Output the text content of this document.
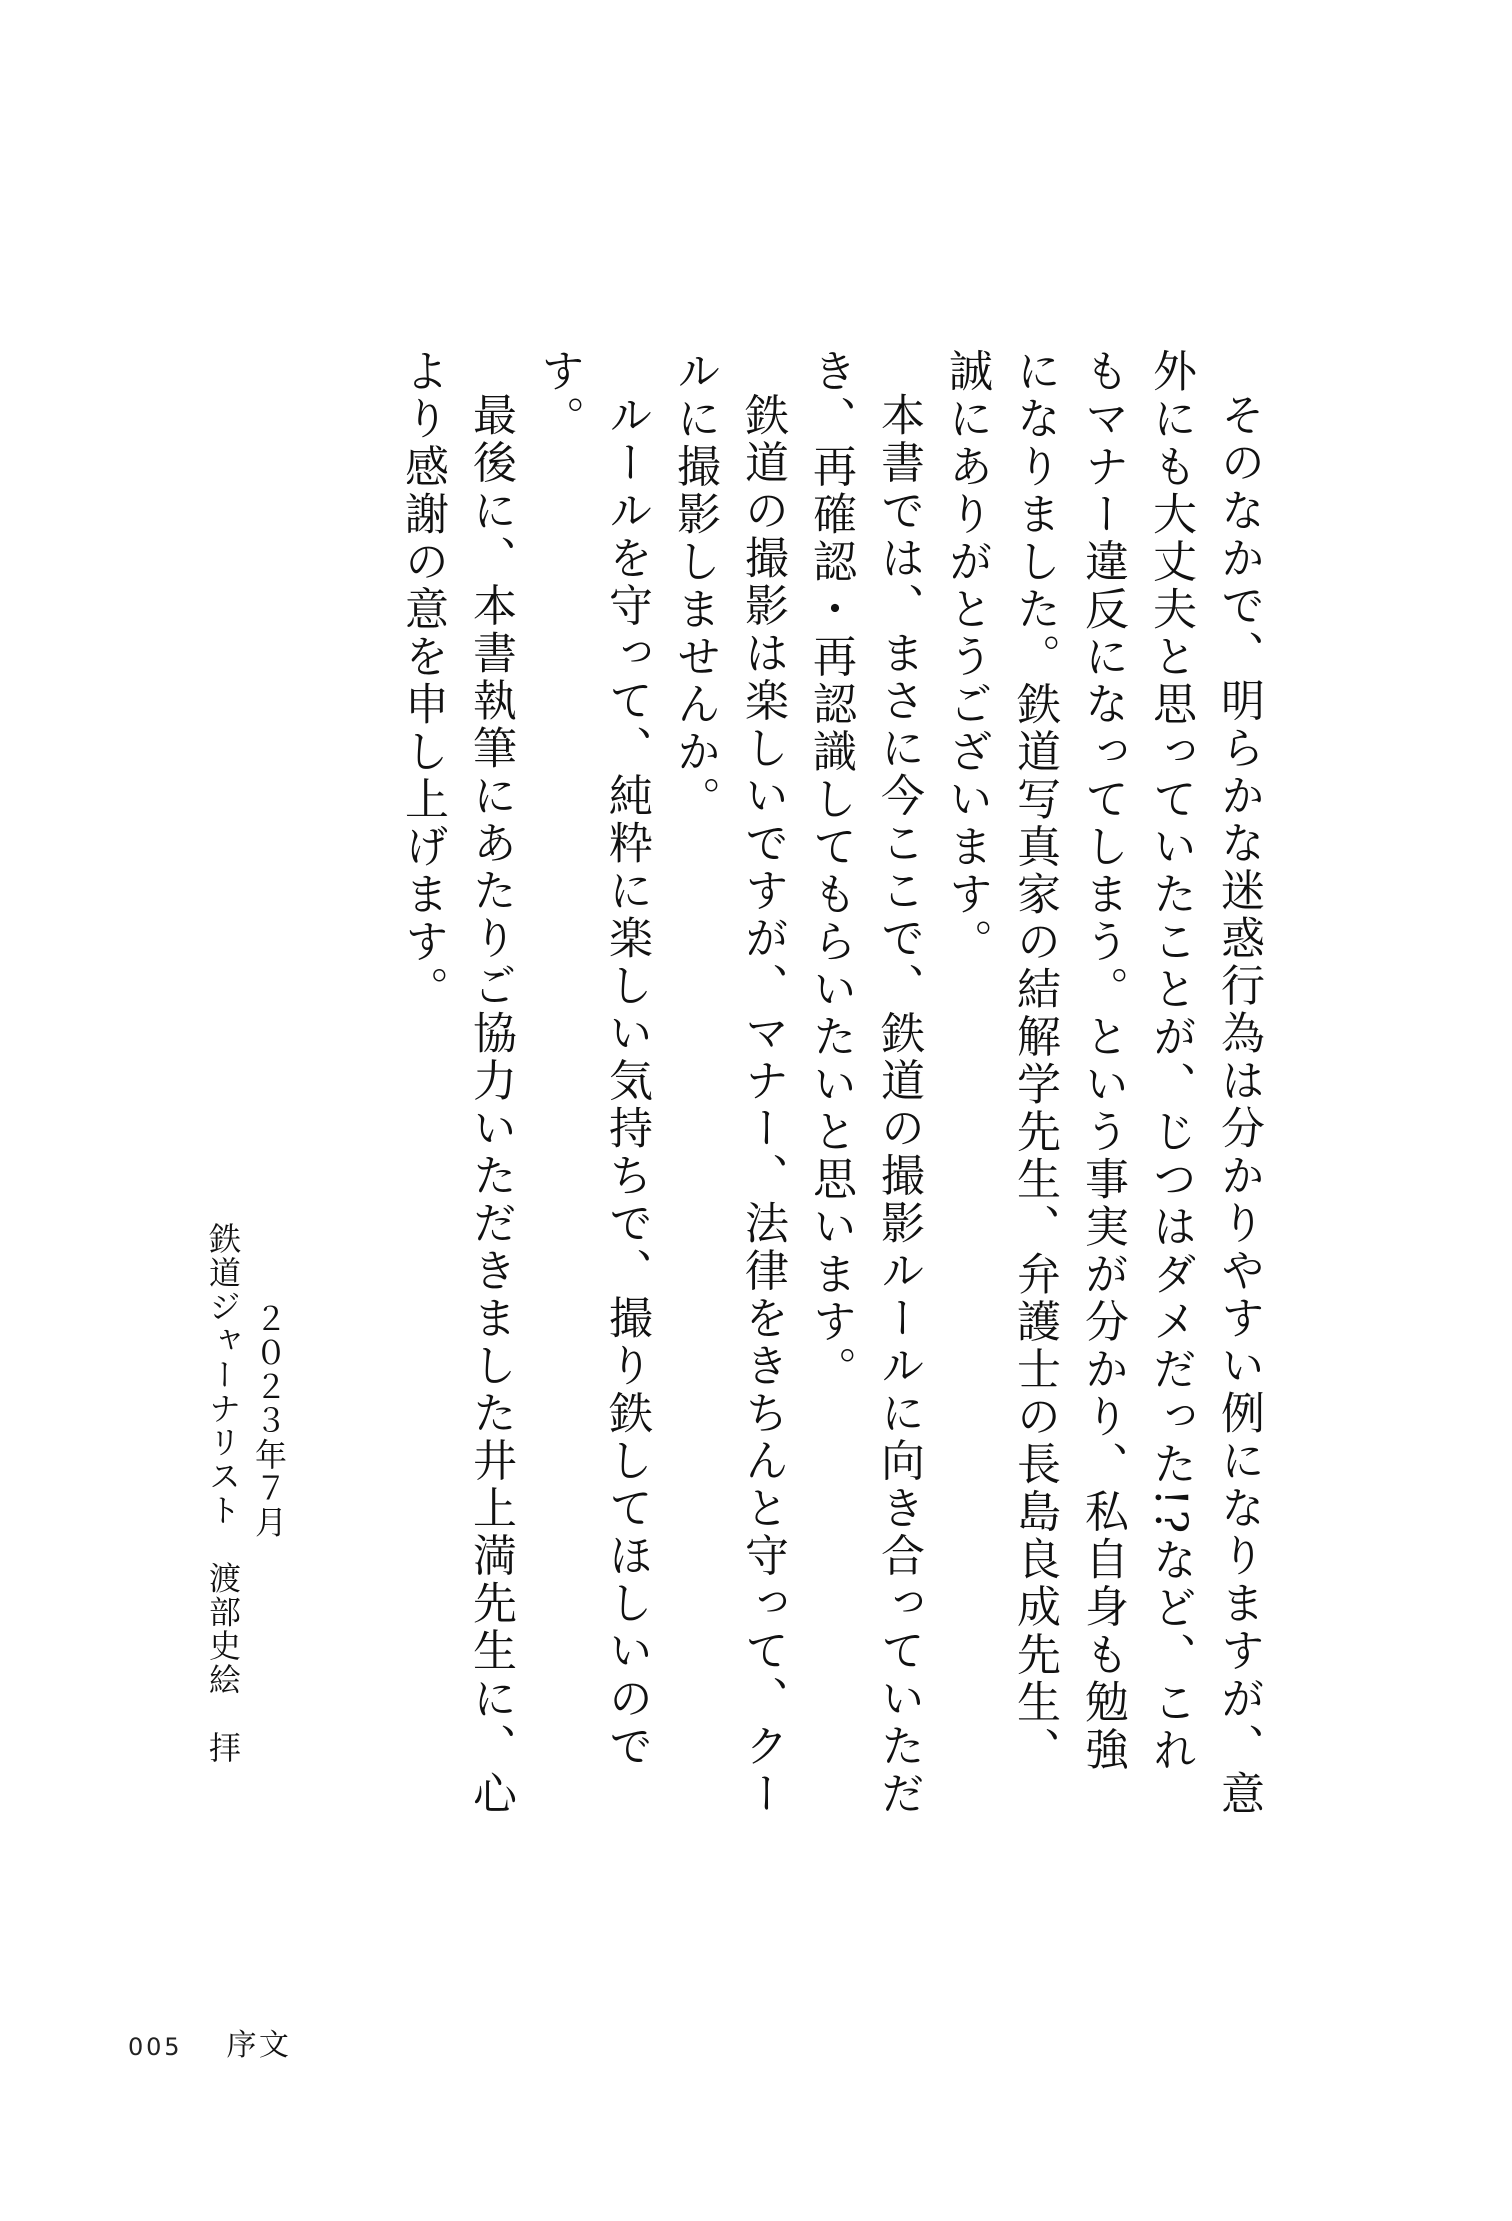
そのなかで、明らかな迷惑行為は分かりやすい例になりますが、意外にも大丈夫と思っていたことが、じつはダメだった!?など、これもマナー違反になってしまう。という事実が分かり、私自身も勉強になりました。鉄道写真家の結解学先生、弁護士の長島良成先生、誠にありがとうございます。

本書では、まさに今ここで、鉄道の撮影ルールに向き合っていただき、再確認・再認識してもらいたいと思います。

鉄道の撮影は楽しいですが、マナー、法律をきちんと守って、クールに撮影しませんか。

ルールを守って、純粋に楽しい気持ちで、撮り鉄してほしいのです。

最後に、本書執筆にあたりご協力いただきました井上満先生に、心より感謝の意を申し上げます。

２０２３年７月
鉄道ジャーナリスト　渡部史絵　拝
005 序文
